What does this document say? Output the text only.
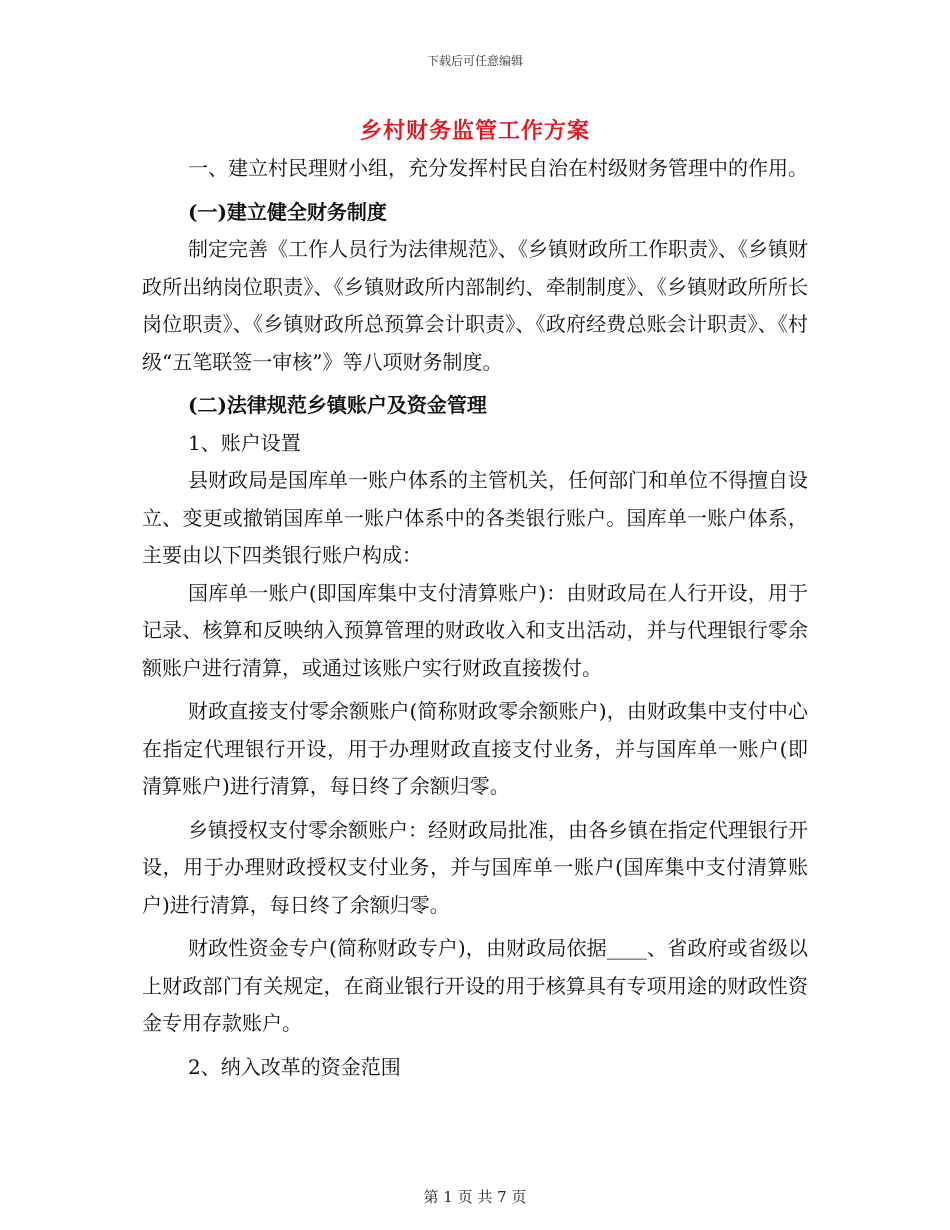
下载后可任意编辑
乡村财务监管工作方案

一、建立村民理财小组，充分发挥村民自治在村级财务管理中的作用。

(一)建立健全财务制度

制定完善《工作人员行为法律规范》、《乡镇财政所工作职责》、《乡镇财政所出纳岗位职责》、《乡镇财政所内部制约、牵制制度》、《乡镇财政所所长岗位职责》、《乡镇财政所总预算会计职责》、《政府经费总账会计职责》、《村级“五笔联签一审核”》等八项财务制度。

(二)法律规范乡镇账户及资金管理

1、账户设置

县财政局是国库单一账户体系的主管机关，任何部门和单位不得擅自设立、变更或撤销国库单一账户体系中的各类银行账户。国库单一账户体系，主要由以下四类银行账户构成：

国库单一账户(即国库集中支付清算账户)：由财政局在人行开设，用于记录、核算和反映纳入预算管理的财政收入和支出活动，并与代理银行零余额账户进行清算，或通过该账户实行财政直接拨付。

财政直接支付零余额账户(简称财政零余额账户)，由财政集中支付中心在指定代理银行开设，用于办理财政直接支付业务，并与国库单一账户(即清算账户)进行清算，每日终了余额归零。

乡镇授权支付零余额账户：经财政局批准，由各乡镇在指定代理银行开设，用于办理财政授权支付业务，并与国库单一账户(国库集中支付清算账户)进行清算，每日终了余额归零。

财政性资金专户(简称财政专户)，由财政局依据____、省政府或省级以上财政部门有关规定，在商业银行开设的用于核算具有专项用途的财政性资金专用存款账户。

2、纳入改革的资金范围

第 1 页 共 7 页
